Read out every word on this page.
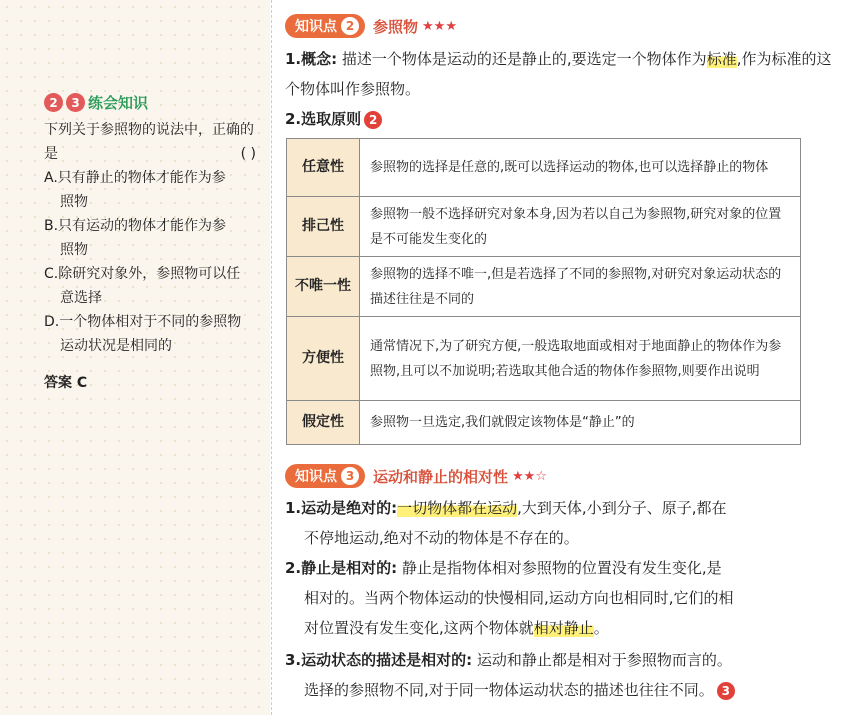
2	3 练会知识
下列关于参照物的说法中，正确的是	( )
A.只有静止的物体才能作为参
照物
B.只有运动的物体才能作为参
照物
C.除研究对象外，参照物可以任
意选择
D.一个物体相对于不同的参照物
运动状况是相同的
答案 C
知识点 2	参照物 ★★★
1.概念: 描述一个物体是运动的还是静止的,要选定一个物体作为标准,作为标准的这个物体叫作参照物。
2.选取原则 2
任意性	参照物的选择是任意的,既可以选择运动的物体,也可以选择静止的物体
排己性	参照物一般不选择研究对象本身,因为若以自己为参照物,研究对象的位置是不可能发生变化的
不唯一性	参照物的选择不唯一,但是若选择了不同的参照物,对研究对象运动状态的描述往往是不同的
方便性	通常情况下,为了研究方便,一般选取地面或相对于地面静止的物体作为参照物,且可以不加说明;若选取其他合适的物体作参照物,则要作出说明
假定性	参照物一旦选定,我们就假定该物体是“静止”的
知识点 3	运动和静止的相对性 ★★☆
1.运动是绝对的:一切物体都在运动,大到天体,小到分子、原子,都在
不停地运动,绝对不动的物体是不存在的。
2.静止是相对的: 静止是指物体相对参照物的位置没有发生变化,是
相对的。当两个物体运动的快慢相同,运动方向也相同时,它们的相
对位置没有发生变化,这两个物体就相对静止。
3.运动状态的描述是相对的: 运动和静止都是相对于参照物而言的。
选择的参照物不同,对于同一物体运动状态的描述也往往不同。 3
